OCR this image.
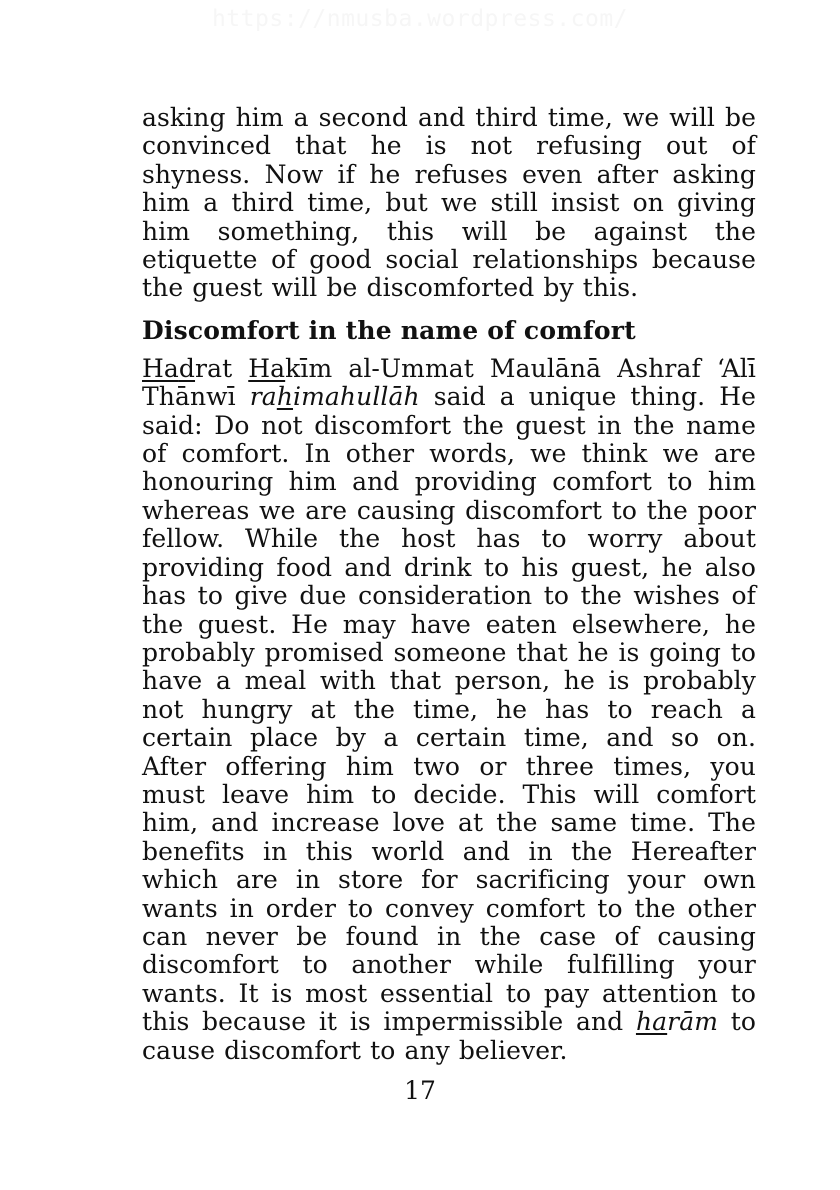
https://nmusba.wordpress.com/

asking him a second and third time, we will be convinced that he is not refusing out of shyness. Now if he refuses even after asking him a third time, but we still insist on giving him something, this will be against the etiquette of good social relationships because the guest will be discomforted by this.

Discomfort in the name of comfort

Hadrat Hakīm al-Ummat Maulānā Ashraf ‘Alī Thānwī rahimahullāh said a unique thing. He said: Do not discomfort the guest in the name of comfort. In other words, we think we are honouring him and providing comfort to him whereas we are causing discomfort to the poor fellow. While the host has to worry about providing food and drink to his guest, he also has to give due consideration to the wishes of the guest. He may have eaten elsewhere, he probably promised someone that he is going to have a meal with that person, he is probably not hungry at the time, he has to reach a certain place by a certain time, and so on. After offering him two or three times, you must leave him to decide. This will comfort him, and increase love at the same time. The benefits in this world and in the Hereafter which are in store for sacrificing your own wants in order to convey comfort to the other can never be found in the case of causing discomfort to another while fulfilling your wants. It is most essential to pay attention to this because it is impermissible and harām to cause discomfort to any believer.

17
